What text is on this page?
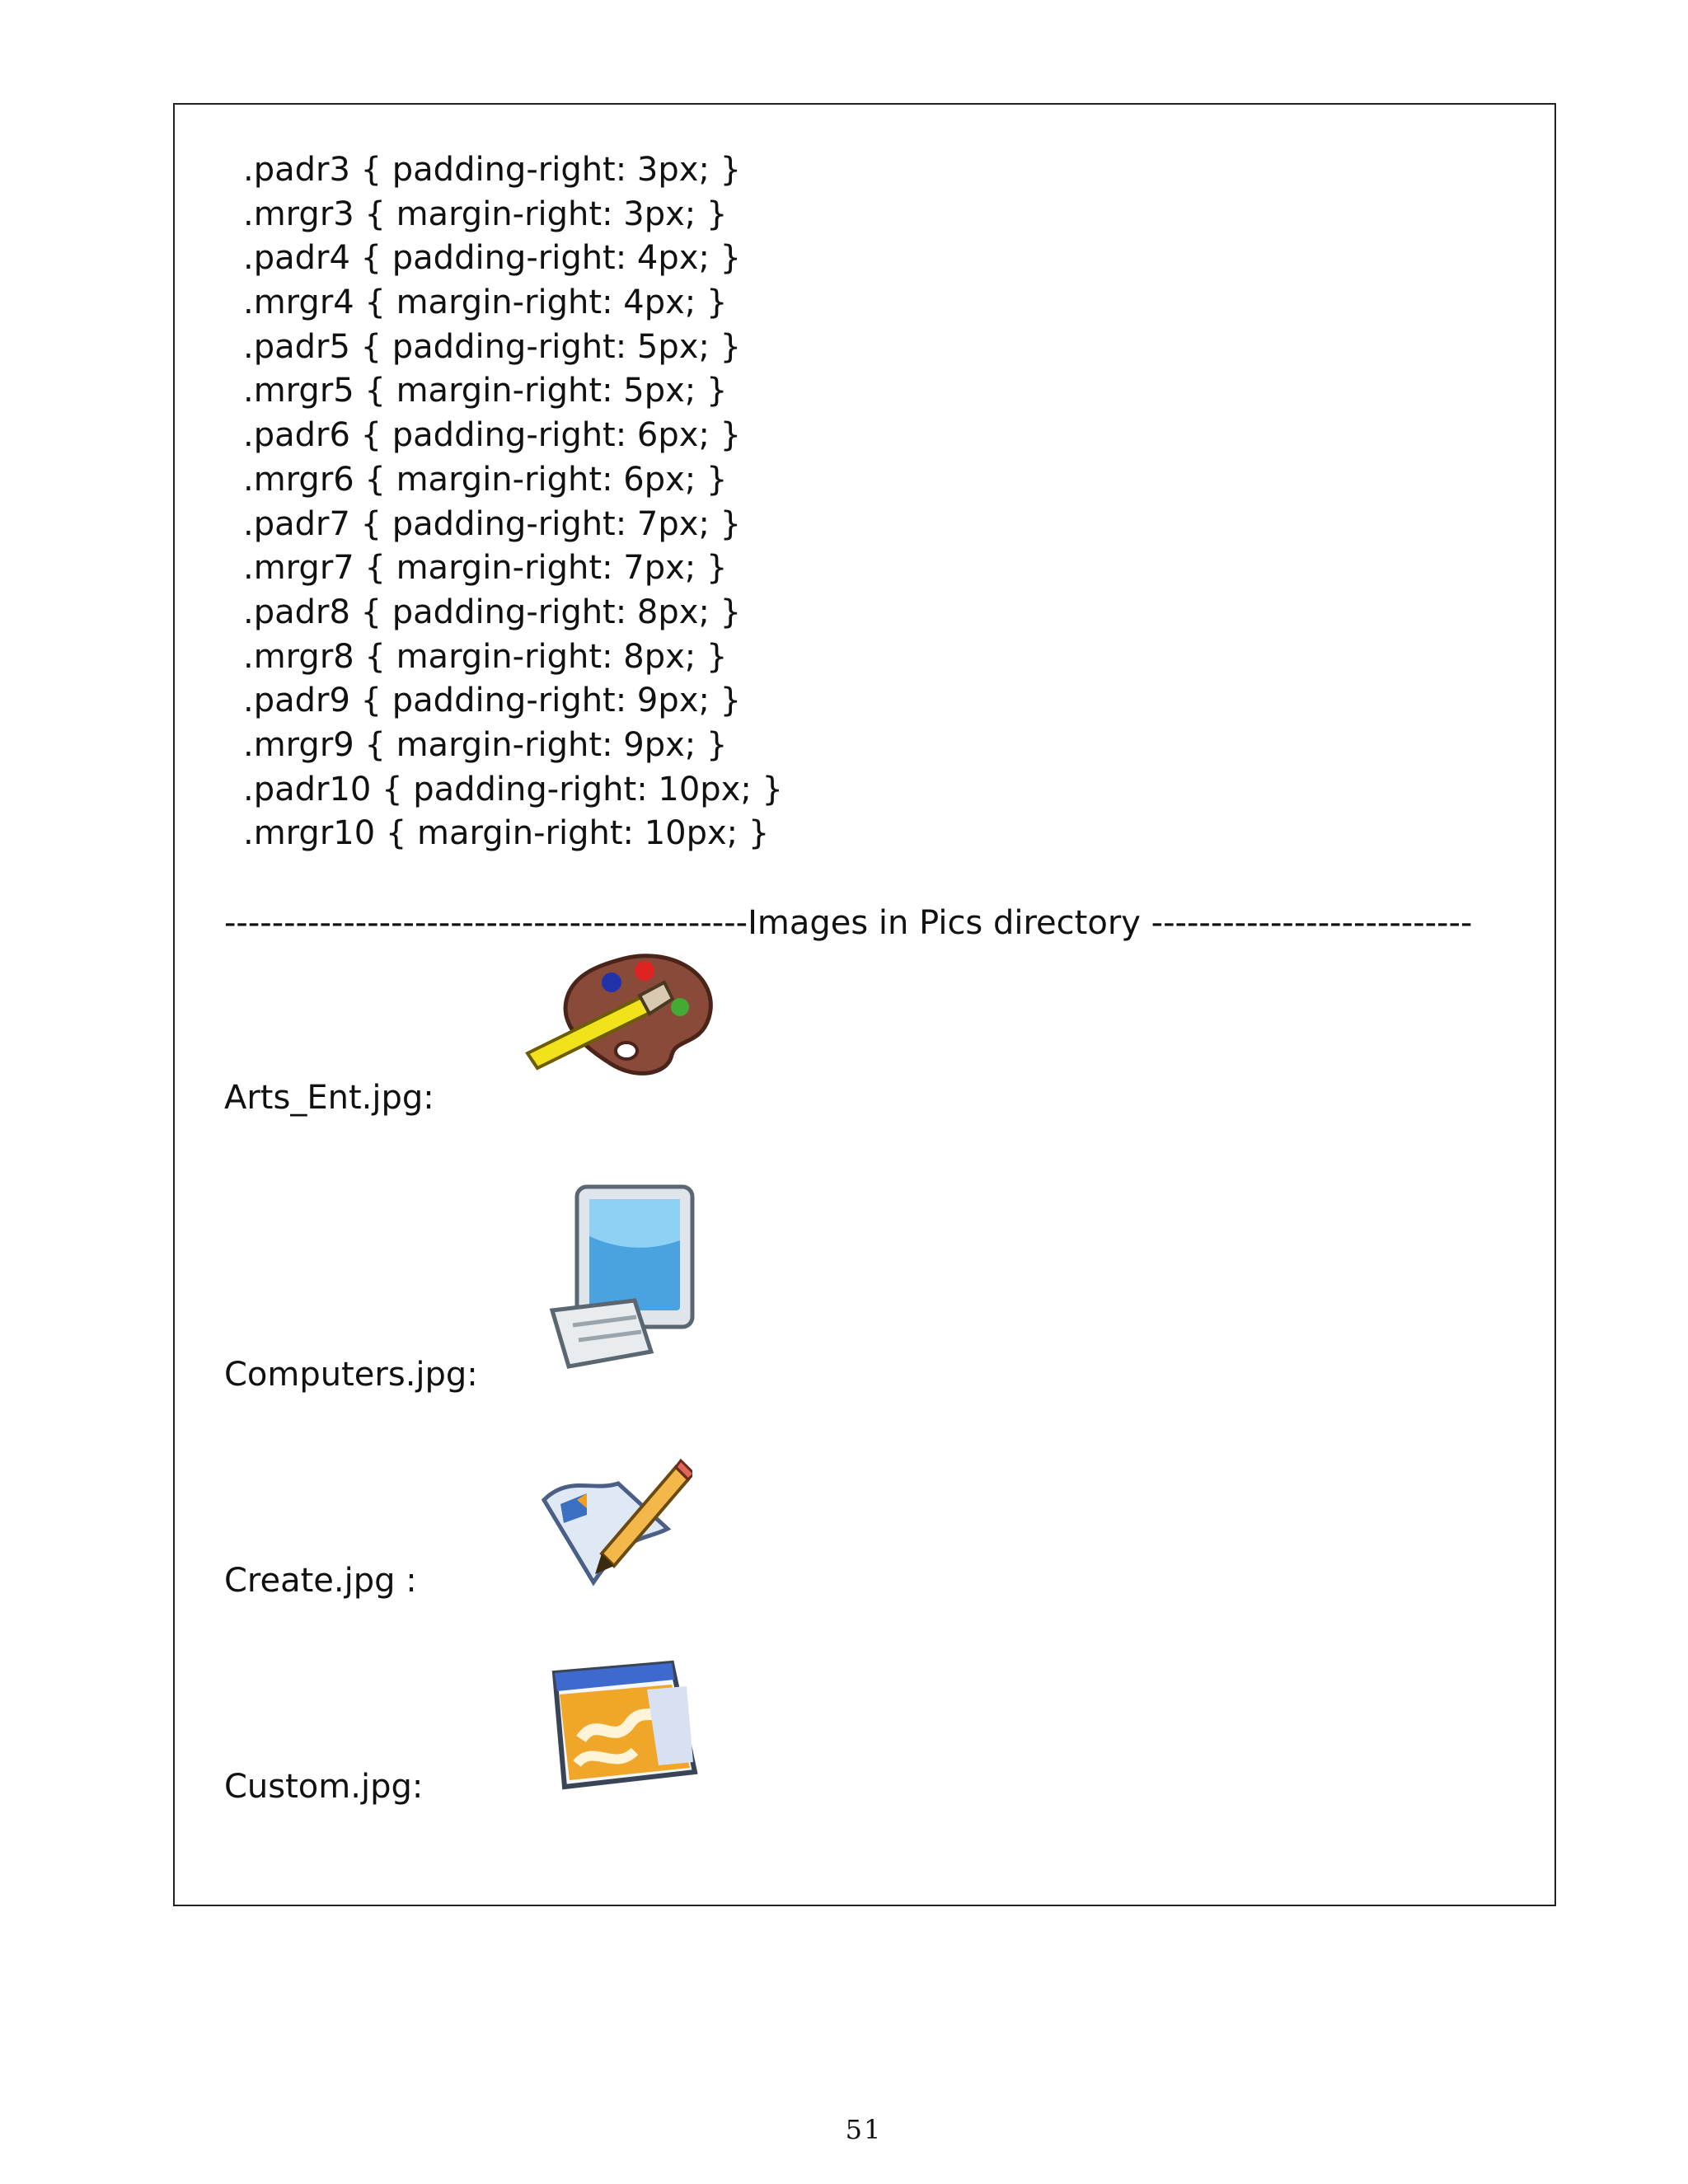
.padr3 { padding-right: 3px; }
.mrgr3 { margin-right: 3px; }
.padr4 { padding-right: 4px; }
.mrgr4 { margin-right: 4px; }
.padr5 { padding-right: 5px; }
.mrgr5 { margin-right: 5px; }
.padr6 { padding-right: 6px; }
.mrgr6 { margin-right: 6px; }
.padr7 { padding-right: 7px; }
.mrgr7 { margin-right: 7px; }
.padr8 { padding-right: 8px; }
.mrgr8 { margin-right: 8px; }
.padr9 { padding-right: 9px; }
.mrgr9 { margin-right: 9px; }
.padr10 { padding-right: 10px; }
.mrgr10 { margin-right: 10px; }
--------------------------------------------Images in Pics directory ---------------------------
Arts_Ent.jpg:
Computers.jpg:
Create.jpg :
Custom.jpg:
51
